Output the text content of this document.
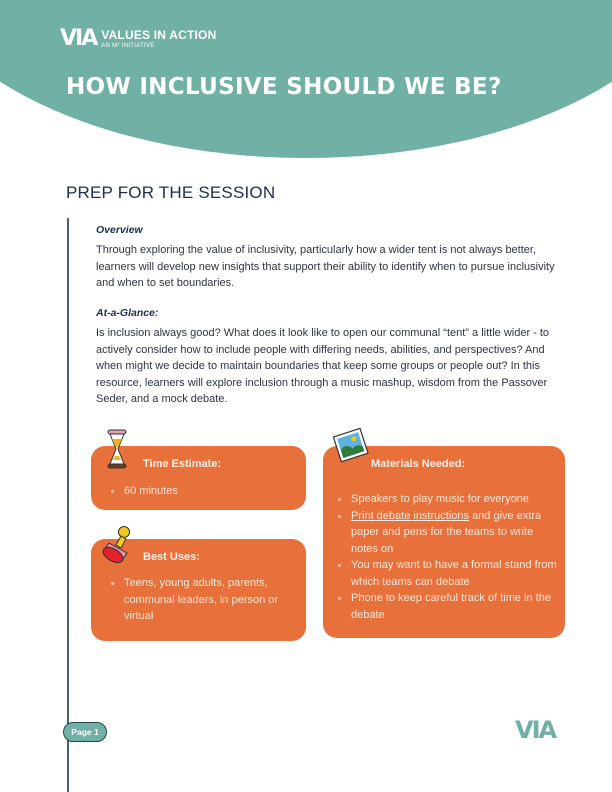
VIA VALUES IN ACTION
AN M² INITIATIVE
HOW INCLUSIVE SHOULD WE BE?
PREP FOR THE SESSION
Overview
Through exploring the value of inclusivity, particularly how a wider tent is not always better, learners will develop new insights that support their ability to identify when to pursue inclusivity and when to set boundaries.
At-a-Glance:
Is inclusion always good? What does it look like to open our communal “tent” a little wider - to actively consider how to include people with differing needs, abilities, and perspectives? And when might we decide to maintain boundaries that keep some groups or people out? In this resource, learners will explore inclusion through a music mashup, wisdom from the Passover Seder, and a mock debate.
Time Estimate:
60 minutes
Best Uses:
Teens, young adults, parents, communal leaders, in person or virtual
Materials Needed:
Speakers to play music for everyone
Print debate instructions and give extra paper and pens for the teams to write notes on
You may want to have a formal stand from which teams can debate
Phone to keep careful track of time in the debate
Page 1	VIA
